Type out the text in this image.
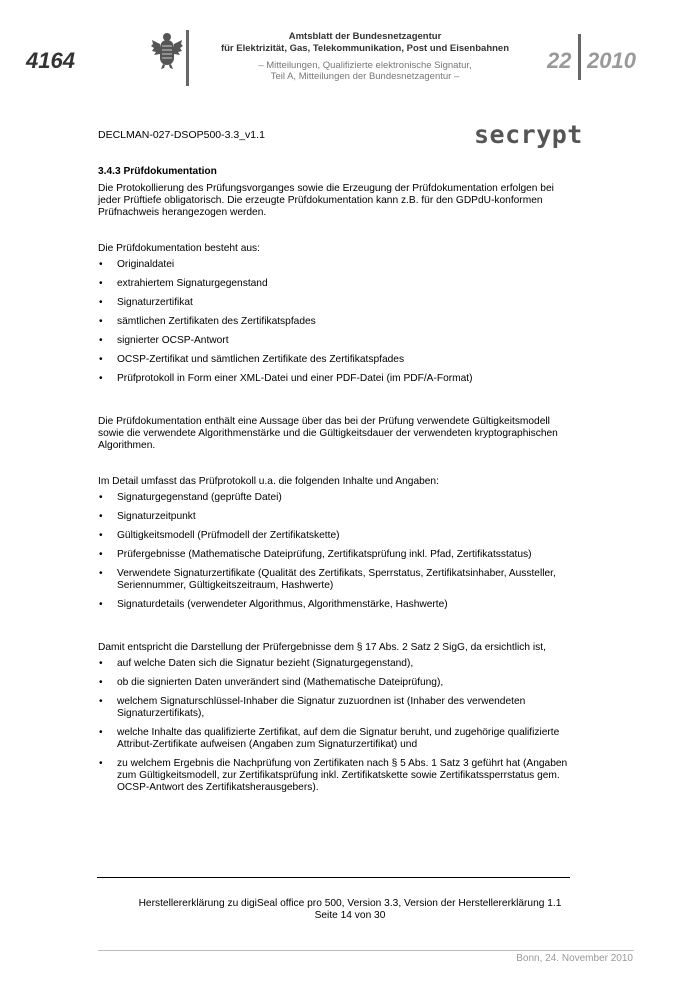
4164
Amtsblatt der Bundesnetzagentur
für Elektrizität, Gas, Telekommunikation, Post und Eisenbahnen
– Mitteilungen, Qualifizierte elektronische Signatur,
Teil A, Mitteilungen der Bundesnetzagentur –
22 2010
DECLMAN-027-DSOP500-3.3_v1.1	secrypt
3.4.3 Prüfdokumentation

Die Protokollierung des Prüfungsvorganges sowie die Erzeugung der Prüfdokumentation erfolgen bei jeder Prüftiefe obligatorisch. Die erzeugte Prüfdokumentation kann z.B. für den GDPdU-konformen Prüfnachweis herangezogen werden.

Die Prüfdokumentation besteht aus:

• Originaldatei
• extrahiertem Signaturgegenstand
• Signaturzertifikat
• sämtlichen Zertifikaten des Zertifikatspfades
• signierter OCSP-Antwort
• OCSP-Zertifikat und sämtlichen Zertifikate des Zertifikatspfades
• Prüfprotokoll in Form einer XML-Datei und einer PDF-Datei (im PDF/A-Format)

Die Prüfdokumentation enthält eine Aussage über das bei der Prüfung verwendete Gültigkeitsmodell sowie die verwendete Algorithmenstärke und die Gültigkeitsdauer der verwendeten kryptographischen Algorithmen.

Im Detail umfasst das Prüfprotokoll u.a. die folgenden Inhalte und Angaben:

• Signaturgegenstand (geprüfte Datei)
• Signaturzeitpunkt
• Gültigkeitsmodell (Prüfmodell der Zertifikatskette)
• Prüfergebnisse (Mathematische Dateiprüfung, Zertifikatsprüfung inkl. Pfad, Zertifikatsstatus)
• Verwendete Signaturzertifikate (Qualität des Zertifikats, Sperrstatus, Zertifikatsinhaber, Aussteller, Seriennummer, Gültigkeitszeitraum, Hashwerte)
• Signaturdetails (verwendeter Algorithmus, Algorithmenstärke, Hashwerte)

Damit entspricht die Darstellung der Prüfergebnisse dem § 17 Abs. 2 Satz 2 SigG, da ersichtlich ist,

• auf welche Daten sich die Signatur bezieht (Signaturgegenstand),
• ob die signierten Daten unverändert sind (Mathematische Dateiprüfung),
• welchem Signaturschlüssel-Inhaber die Signatur zuzuordnen ist (Inhaber des verwendeten Signaturzertifikats),
• welche Inhalte das qualifizierte Zertifikat, auf dem die Signatur beruht, und zugehörige qualifizierte Attribut-Zertifikate aufweisen (Angaben zum Signaturzertifikat) und
• zu welchem Ergebnis die Nachprüfung von Zertifikaten nach § 5 Abs. 1 Satz 3 geführt hat (Angaben zum Gültigkeitsmodell, zur Zertifikatsprüfung inkl. Zertifikatskette sowie Zertifikatssperrstatus gem. OCSP-Antwort des Zertifikatsherausgebers).
Herstellererklärung zu digiSeal office pro 500, Version 3.3, Version der Herstellererklärung 1.1
Seite 14 von 30
Bonn, 24. November 2010
